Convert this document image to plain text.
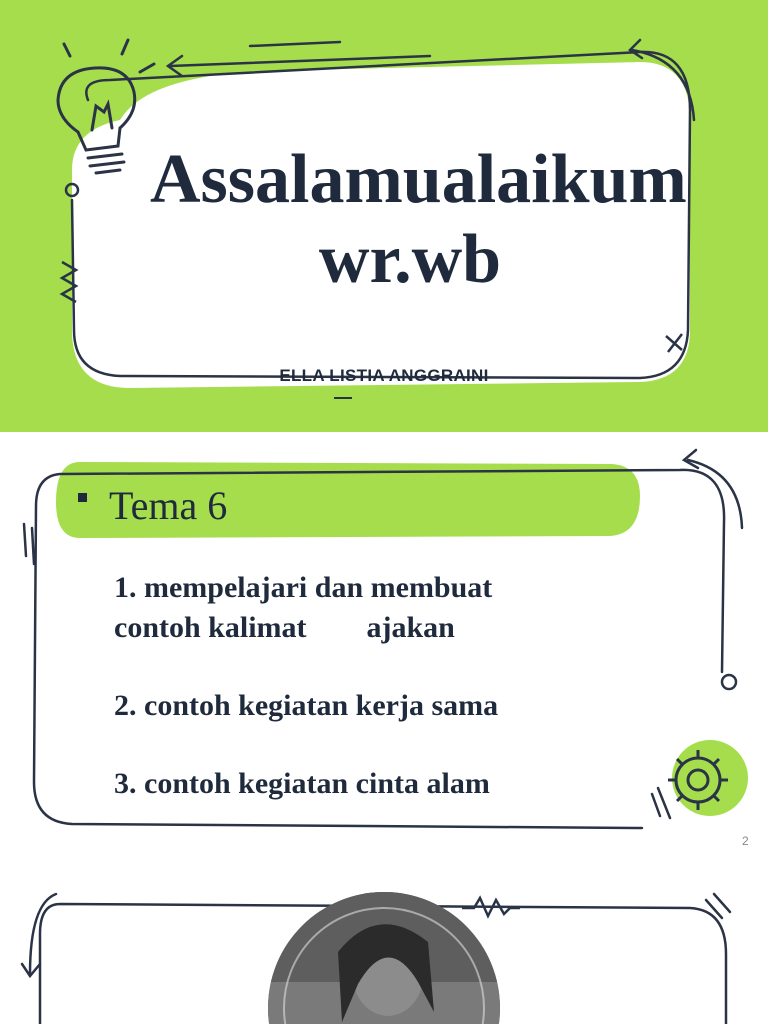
Assalamualaikum wr.wb
ELLA LISTIA ANGGRAINI
2
Tema 6

1. mempelajari dan membuat
contoh kalimat        ajakan

2. contoh kegiatan kerja sama

3. contoh kegiatan cinta alam
